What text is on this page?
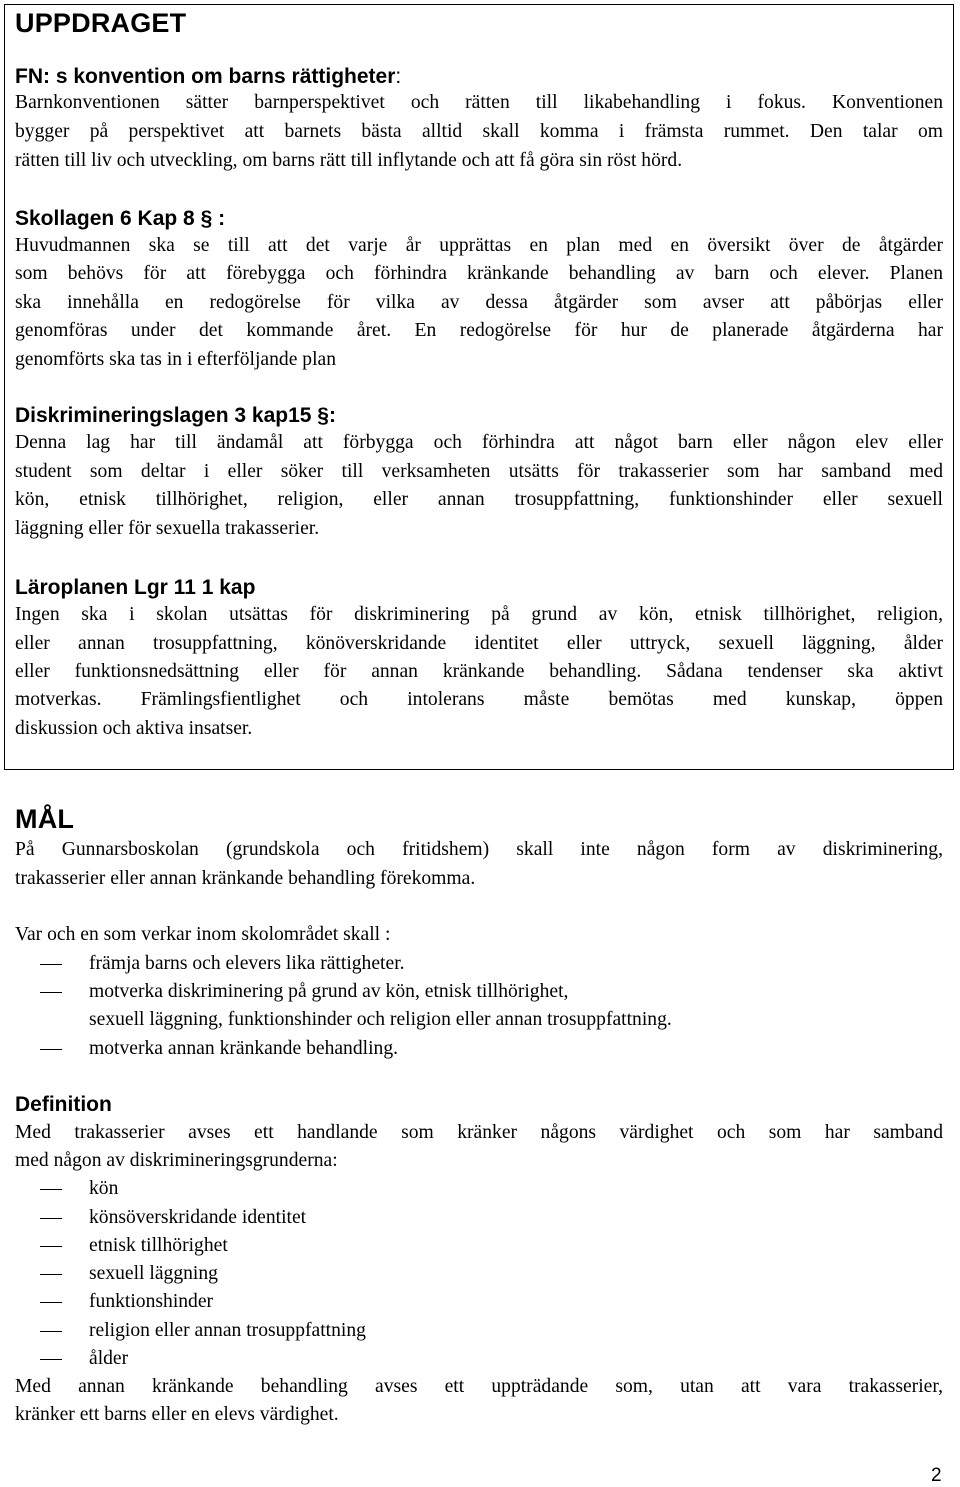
UPPDRAGET
FN: s konvention om barns rättigheter:

Barnkonventionen sätter barnperspektivet och rätten till likabehandling i fokus. Konventionen

bygger på perspektivet att barnets bästa alltid skall komma i främsta rummet. Den talar om

rätten till liv och utveckling, om barns rätt till inflytande och att få göra sin röst hörd.

Skollagen 6 Kap 8 § :

Huvudmannen ska se till att det varje år upprättas en plan med en översikt över de åtgärder

som behövs för att förebygga och förhindra kränkande behandling av barn och elever. Planen

ska innehålla en redogörelse för vilka av dessa åtgärder som avser att påbörjas eller

genomföras under det kommande året. En redogörelse för hur de planerade åtgärderna har

genomförts ska tas in i efterföljande plan

Diskrimineringslagen 3 kap15 §:

Denna lag har till ändamål att förbygga och förhindra att något barn eller någon elev eller

student som deltar i eller söker till verksamheten utsätts för trakasserier som har samband med

kön, etnisk tillhörighet, religion, eller annan trosuppfattning, funktionshinder eller sexuell

läggning eller för sexuella trakasserier.

Läroplanen Lgr 11 1 kap

Ingen ska i skolan utsättas för diskriminering på grund av kön, etnisk tillhörighet, religion,

eller annan trosuppfattning, könöverskridande identitet eller uttryck, sexuell läggning, ålder

eller funktionsnedsättning eller för annan kränkande behandling. Sådana tendenser ska aktivt

motverkas. Främlingsfientlighet och intolerans måste bemötas med kunskap, öppen

diskussion och aktiva insatser.

MÅL

På Gunnarsboskolan (grundskola och fritidshem) skall inte någon form av diskriminering,

trakasserier eller annan kränkande behandling förekomma.

Var och en som verkar inom skolområdet skall :

främja barns och elevers lika rättigheter.

motverka diskriminering på grund av kön, etnisk tillhörighet,

sexuell läggning, funktionshinder och religion eller annan trosuppfattning.

motverka annan kränkande behandling.

Definition

Med trakasserier avses ett handlande som kränker någons värdighet och som har samband

med någon av diskrimineringsgrunderna:

kön

könsöverskridande identitet

etnisk tillhörighet

sexuell läggning

funktionshinder

religion eller annan trosuppfattning

ålder

Med annan kränkande behandling avses ett uppträdande som, utan att vara trakasserier,

kränker ett barns eller en elevs värdighet.

2
